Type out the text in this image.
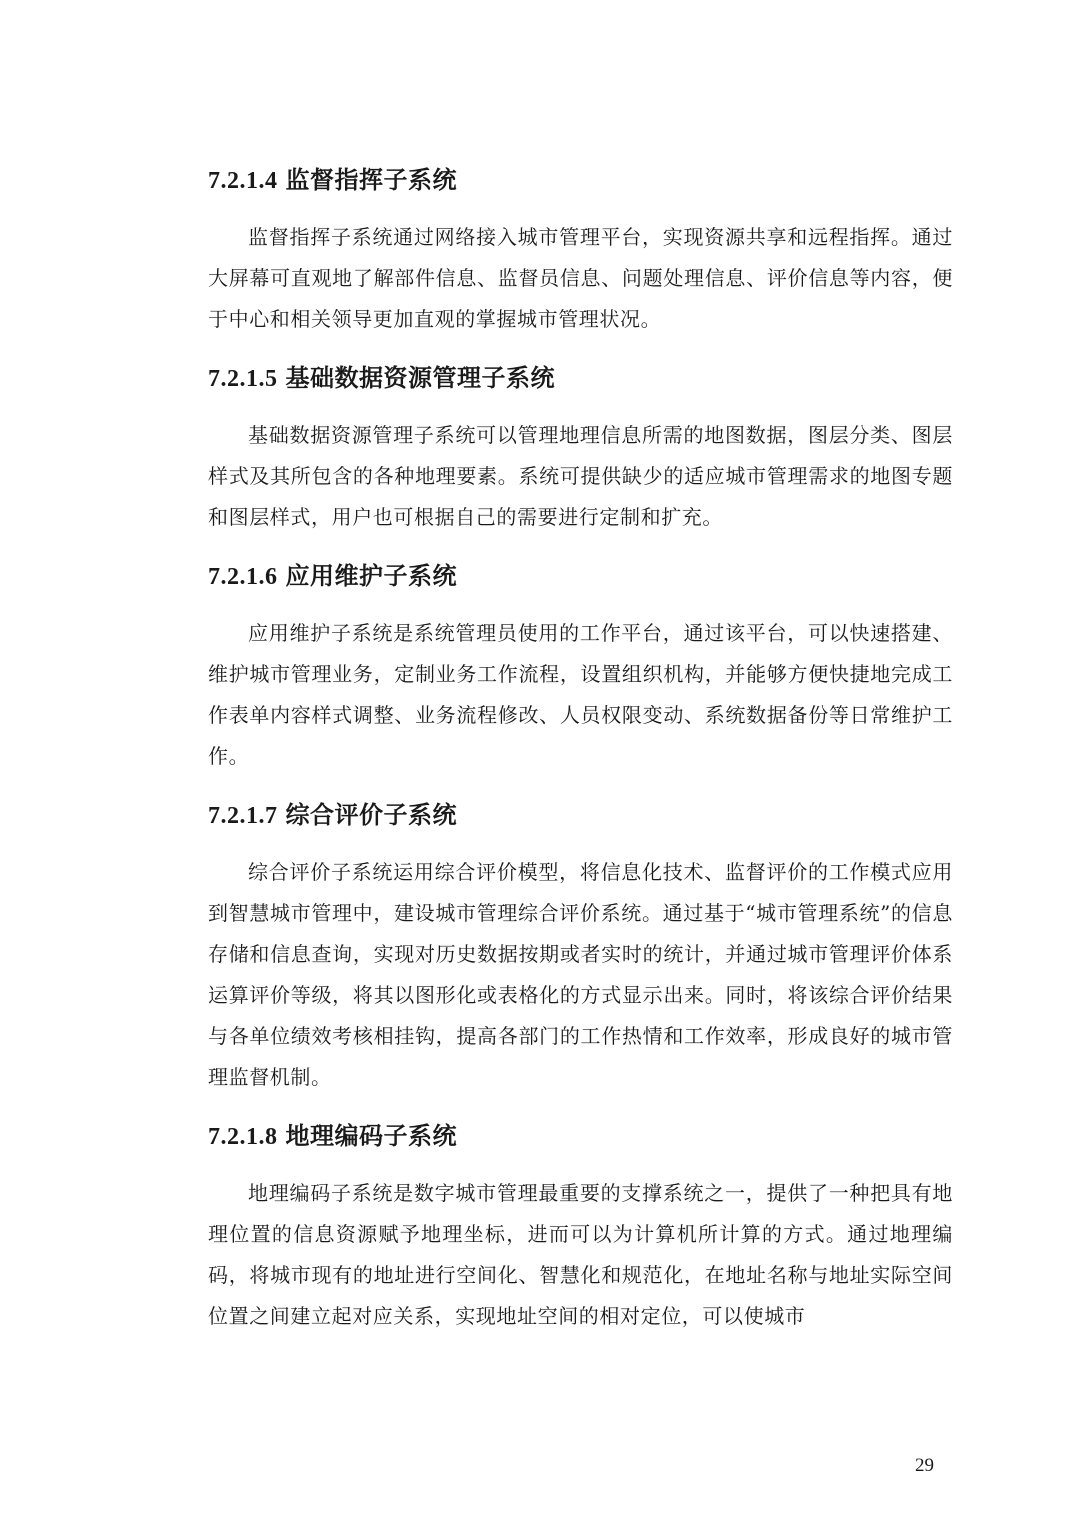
7.2.1.4 监督指挥子系统

监督指挥子系统通过网络接入城市管理平台，实现资源共享和远程指挥。通过大屏幕可直观地了解部件信息、监督员信息、问题处理信息、评价信息等内容，便于中心和相关领导更加直观的掌握城市管理状况。

7.2.1.5 基础数据资源管理子系统

基础数据资源管理子系统可以管理地理信息所需的地图数据，图层分类、图层样式及其所包含的各种地理要素。系统可提供缺少的适应城市管理需求的地图专题和图层样式，用户也可根据自己的需要进行定制和扩充。

7.2.1.6 应用维护子系统

应用维护子系统是系统管理员使用的工作平台，通过该平台，可以快速搭建、维护城市管理业务，定制业务工作流程，设置组织机构，并能够方便快捷地完成工作表单内容样式调整、业务流程修改、人员权限变动、系统数据备份等日常维护工作。

7.2.1.7 综合评价子系统

综合评价子系统运用综合评价模型，将信息化技术、监督评价的工作模式应用到智慧城市管理中，建设城市管理综合评价系统。通过基于“城市管理系统”的信息存储和信息查询，实现对历史数据按期或者实时的统计，并通过城市管理评价体系运算评价等级，将其以图形化或表格化的方式显示出来。同时，将该综合评价结果与各单位绩效考核相挂钩，提高各部门的工作热情和工作效率，形成良好的城市管理监督机制。

7.2.1.8 地理编码子系统

地理编码子系统是数字城市管理最重要的支撑系统之一，提供了一种把具有地理位置的信息资源赋予地理坐标，进而可以为计算机所计算的方式。通过地理编码，将城市现有的地址进行空间化、智慧化和规范化，在地址名称与地址实际空间位置之间建立起对应关系，实现地址空间的相对定位，可以使城市

29
